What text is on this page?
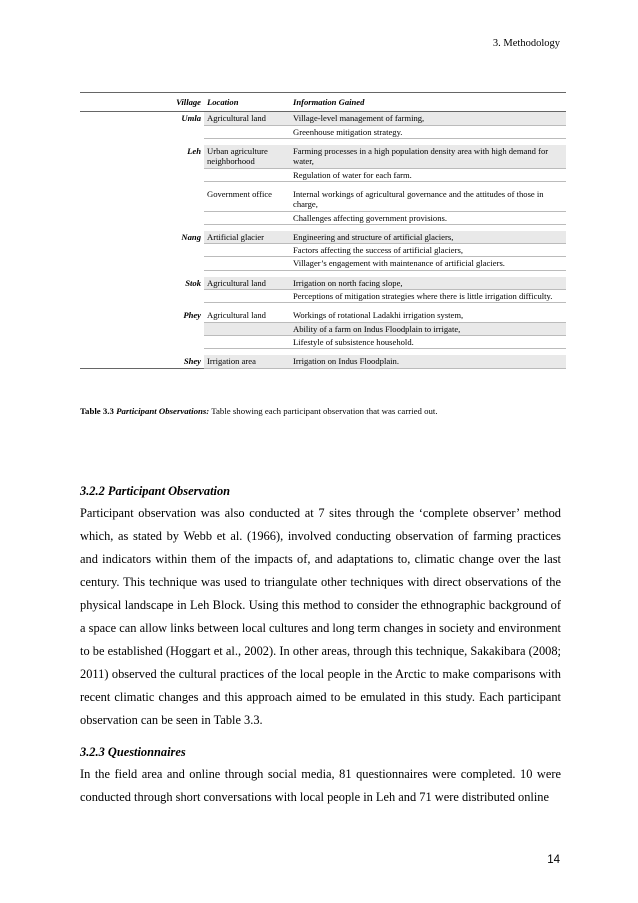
3. Methodology
	Village	Location	Information Gained
	Umla	Agricultural land	Village-level management of farming,
			Greenhouse mitigation strategy.

	Leh	Urban agriculture neighborhood	Farming processes in a high population density area with high demand for water,
			Regulation of water for each farm.

		Government office	Internal workings of agricultural governance and the attitudes of those in charge,
			Challenges affecting government provisions.

	Nang	Artificial glacier	Engineering and structure of artificial glaciers,
			Factors affecting the success of artificial glaciers,
			Villager’s engagement with maintenance of artificial glaciers.

	Stok	Agricultural land	Irrigation on north facing slope,
			Perceptions of mitigation strategies where there is little irrigation difficulty.

	Phey	Agricultural land	Workings of rotational Ladakhi irrigation system,
			Ability of a farm on Indus Floodplain to irrigate,
			Lifestyle of subsistence household.

	Shey	Irrigation area	Irrigation on Indus Floodplain.
Table 3.3 Participant Observations: Table showing each participant observation that was carried out.
3.2.2 Participant Observation

Participant observation was also conducted at 7 sites through the ‘complete observer’ method which, as stated by Webb et al. (1966), involved conducting observation of farming practices and indicators within them of the impacts of, and adaptations to, climatic change over the last century. This technique was used to triangulate other techniques with direct observations of the physical landscape in Leh Block. Using this method to consider the ethnographic background of a space can allow links between local cultures and long term changes in society and environment to be established (Hoggart et al., 2002). In other areas, through this technique, Sakakibara (2008; 2011) observed the cultural practices of the local people in the Arctic to make comparisons with recent climatic changes and this approach aimed to be emulated in this study. Each participant observation can be seen in Table 3.3.

3.2.3 Questionnaires

In the field area and online through social media, 81 questionnaires were completed. 10 were conducted through short conversations with local people in Leh and 71 were distributed online

14
